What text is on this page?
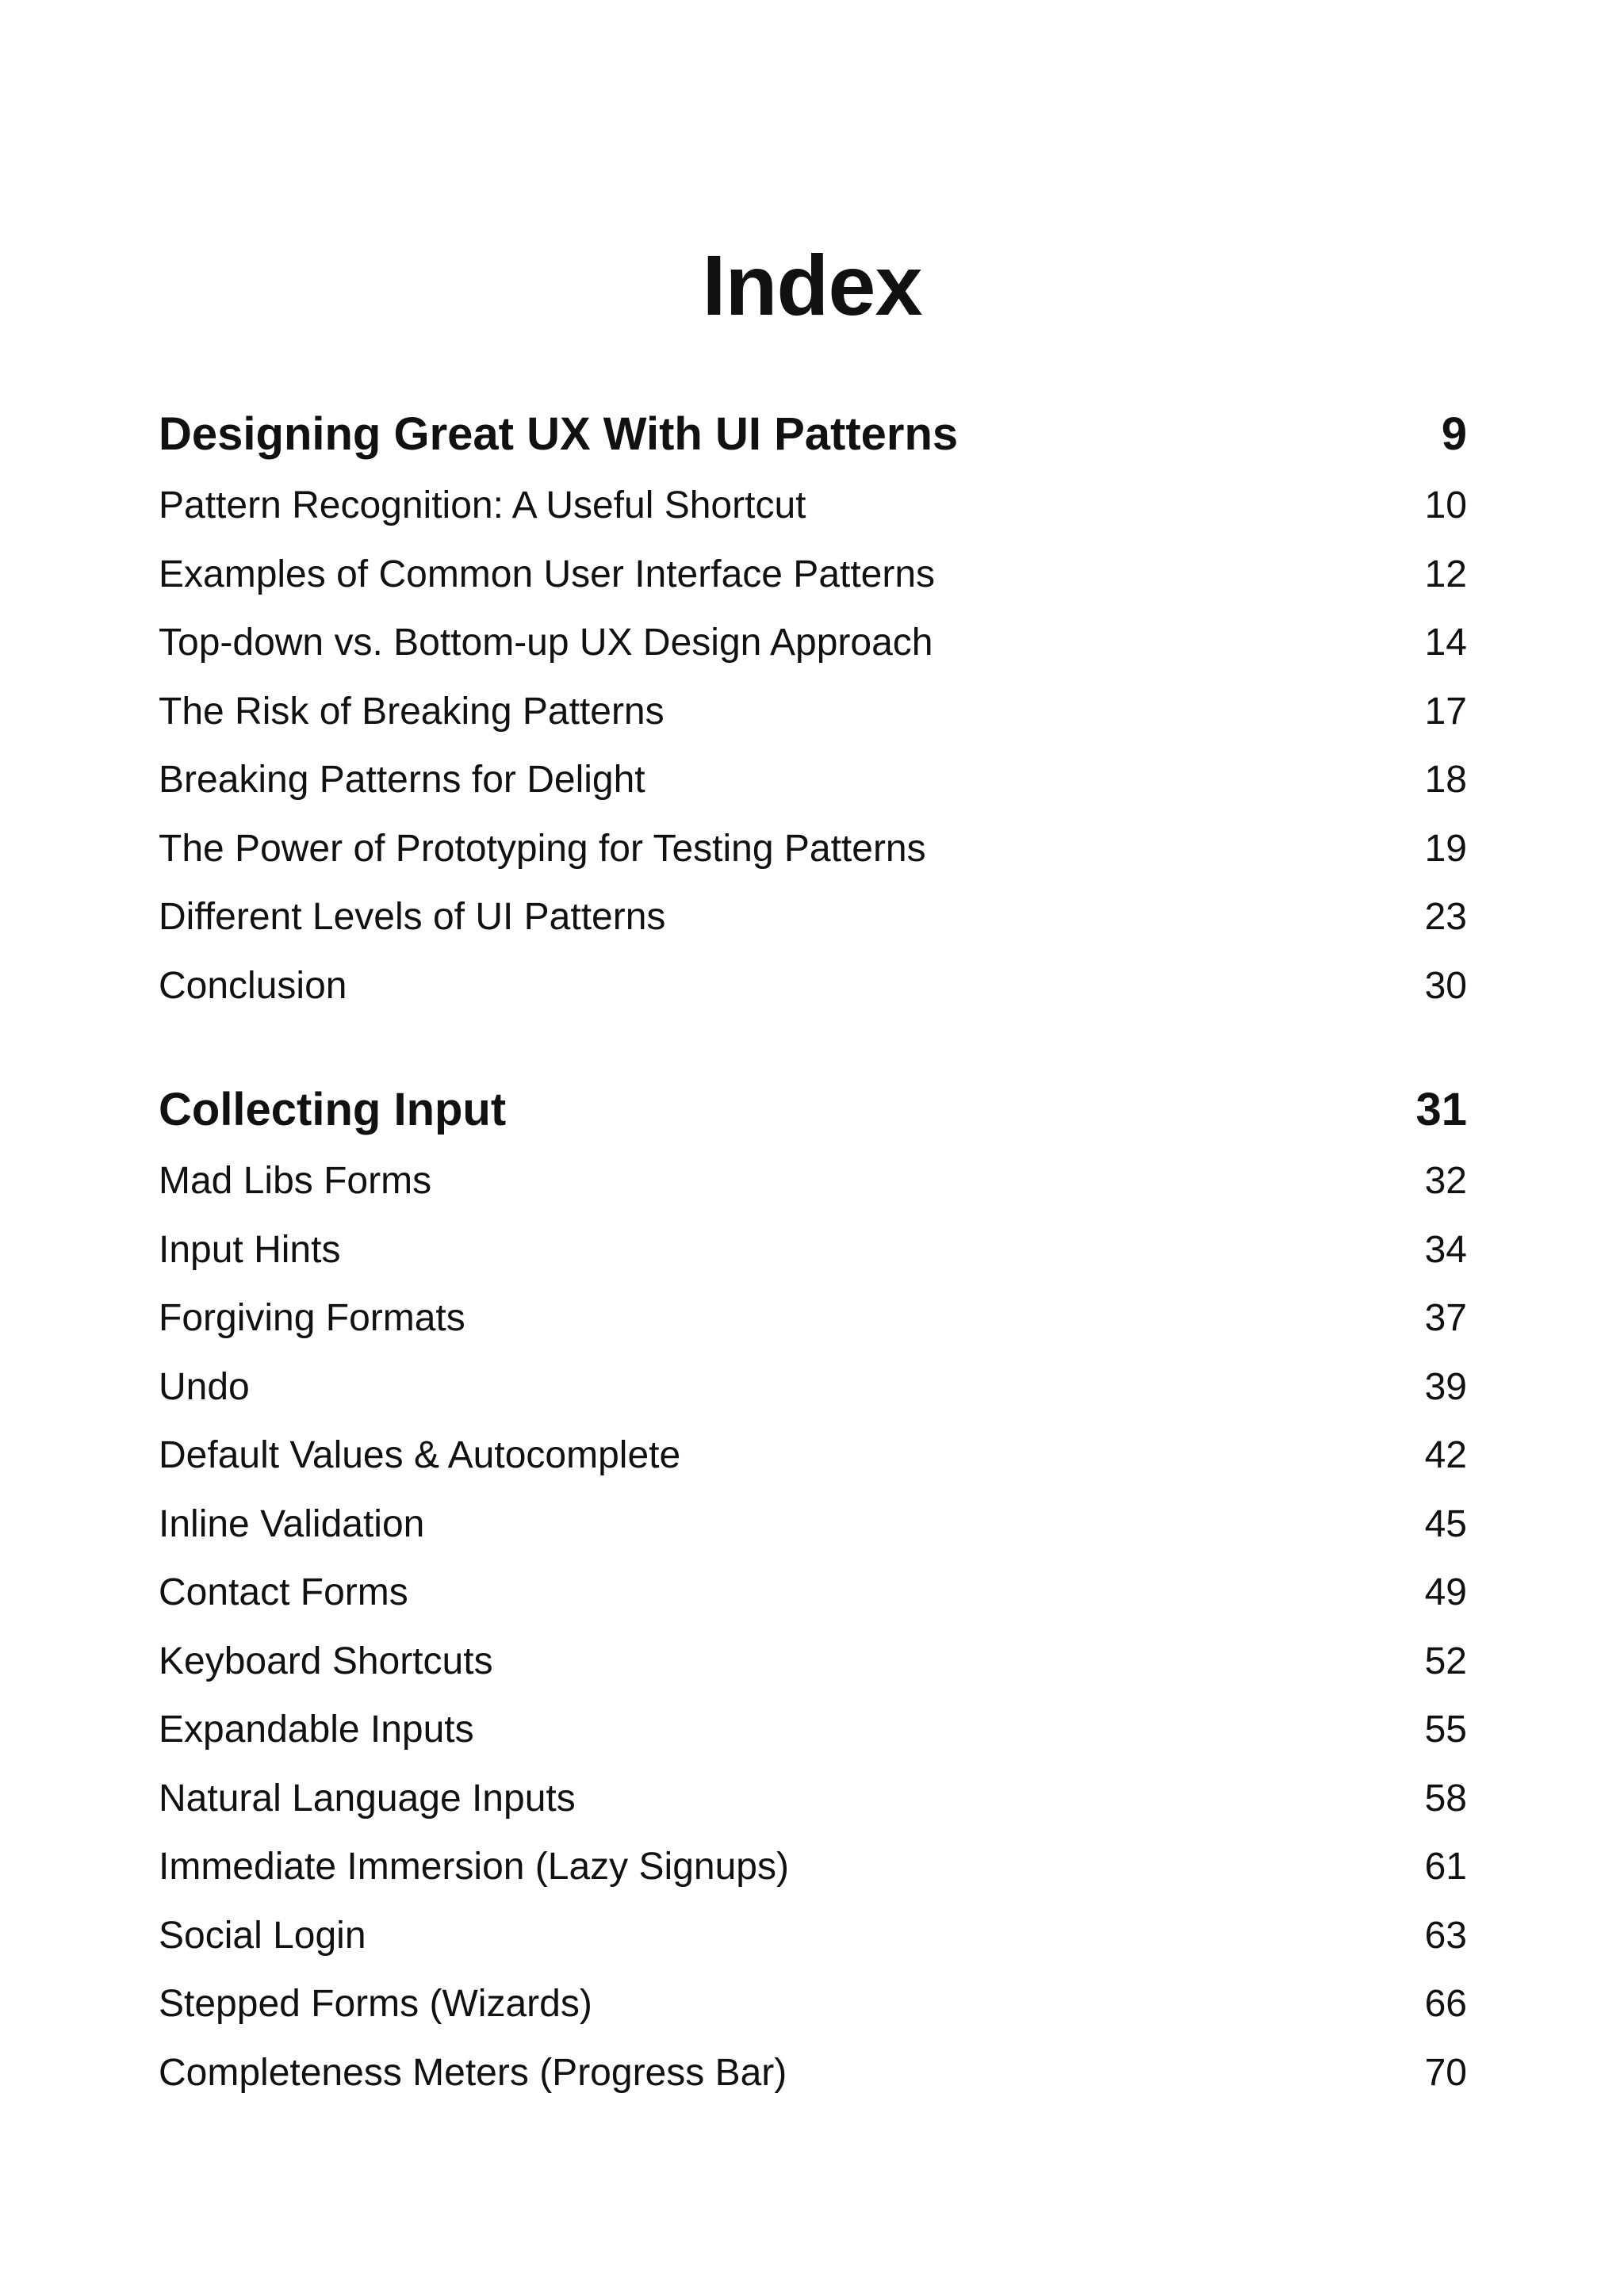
Index
Designing Great UX With UI Patterns	9
Pattern Recognition: A Useful Shortcut	10
Examples of Common User Interface Patterns	12
Top-down vs. Bottom-up UX Design Approach	14
The Risk of Breaking Patterns	17
Breaking Patterns for Delight	18
The Power of Prototyping for Testing Patterns	19
Different Levels of UI Patterns	23
Conclusion	30
Collecting Input	31
Mad Libs Forms	32
Input Hints	34
Forgiving Formats	37
Undo	39
Default Values & Autocomplete	42
Inline Validation	45
Contact Forms	49
Keyboard Shortcuts	52
Expandable Inputs	55
Natural Language Inputs	58
Immediate Immersion (Lazy Signups)	61
Social Login	63
Stepped Forms (Wizards)	66
Completeness Meters (Progress Bar)	70
